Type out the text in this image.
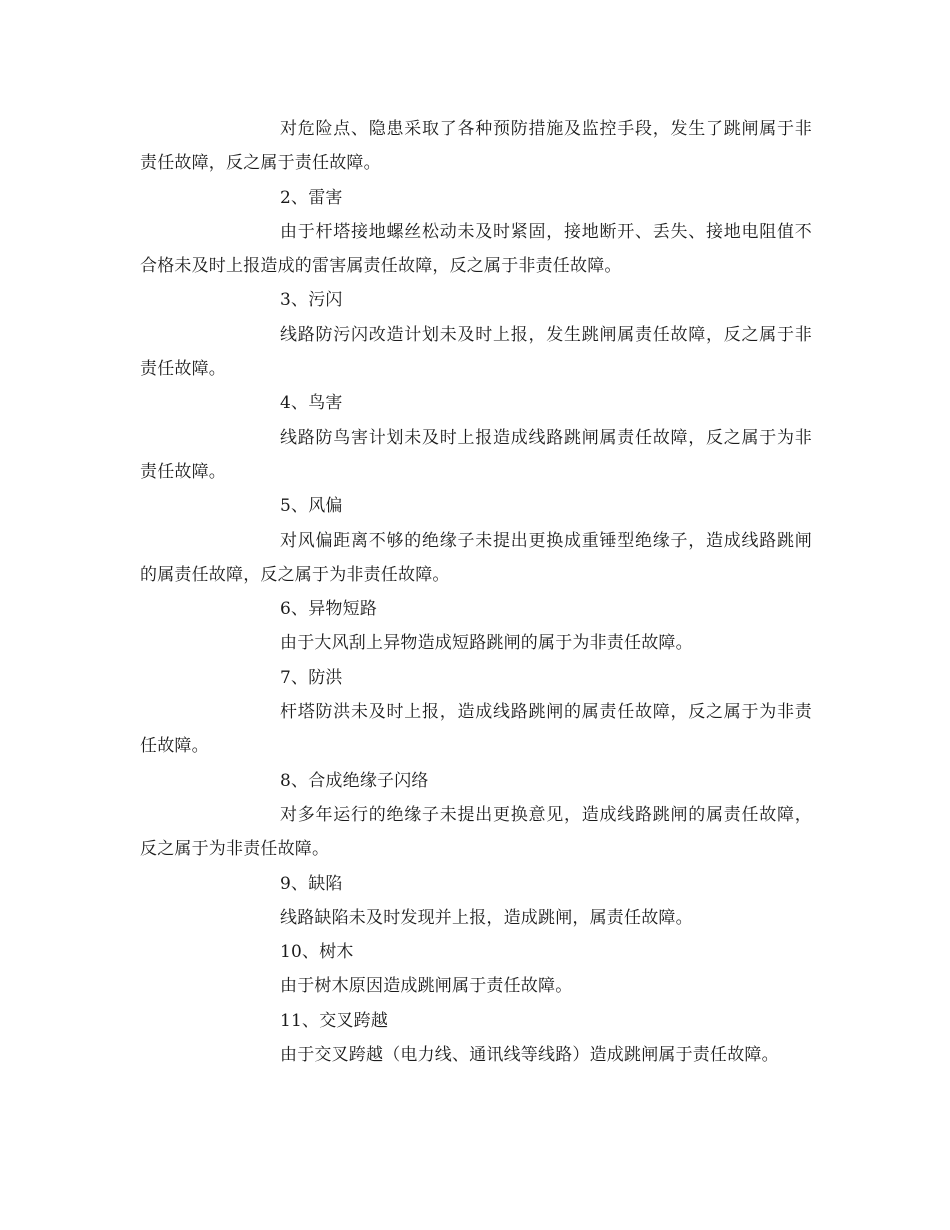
对危险点、隐患采取了各种预防措施及监控手段，发生了跳闸属于非责任故障，反之属于责任故障。

2、雷害

由于杆塔接地螺丝松动未及时紧固，接地断开、丢失、接地电阻值不合格未及时上报造成的雷害属责任故障，反之属于非责任故障。

3、污闪

线路防污闪改造计划未及时上报，发生跳闸属责任故障，反之属于非责任故障。

4、鸟害

线路防鸟害计划未及时上报造成线路跳闸属责任故障，反之属于为非责任故障。

5、风偏

对风偏距离不够的绝缘子未提出更换成重锤型绝缘子，造成线路跳闸的属责任故障，反之属于为非责任故障。

6、异物短路

由于大风刮上异物造成短路跳闸的属于为非责任故障。

7、防洪

杆塔防洪未及时上报，造成线路跳闸的属责任故障，反之属于为非责任故障。

8、合成绝缘子闪络

对多年运行的绝缘子未提出更换意见，造成线路跳闸的属责任故障，反之属于为非责任故障。

9、缺陷

线路缺陷未及时发现并上报，造成跳闸，属责任故障。

10、树木

由于树木原因造成跳闸属于责任故障。

11、交叉跨越

由于交叉跨越（电力线、通讯线等线路）造成跳闸属于责任故障。
